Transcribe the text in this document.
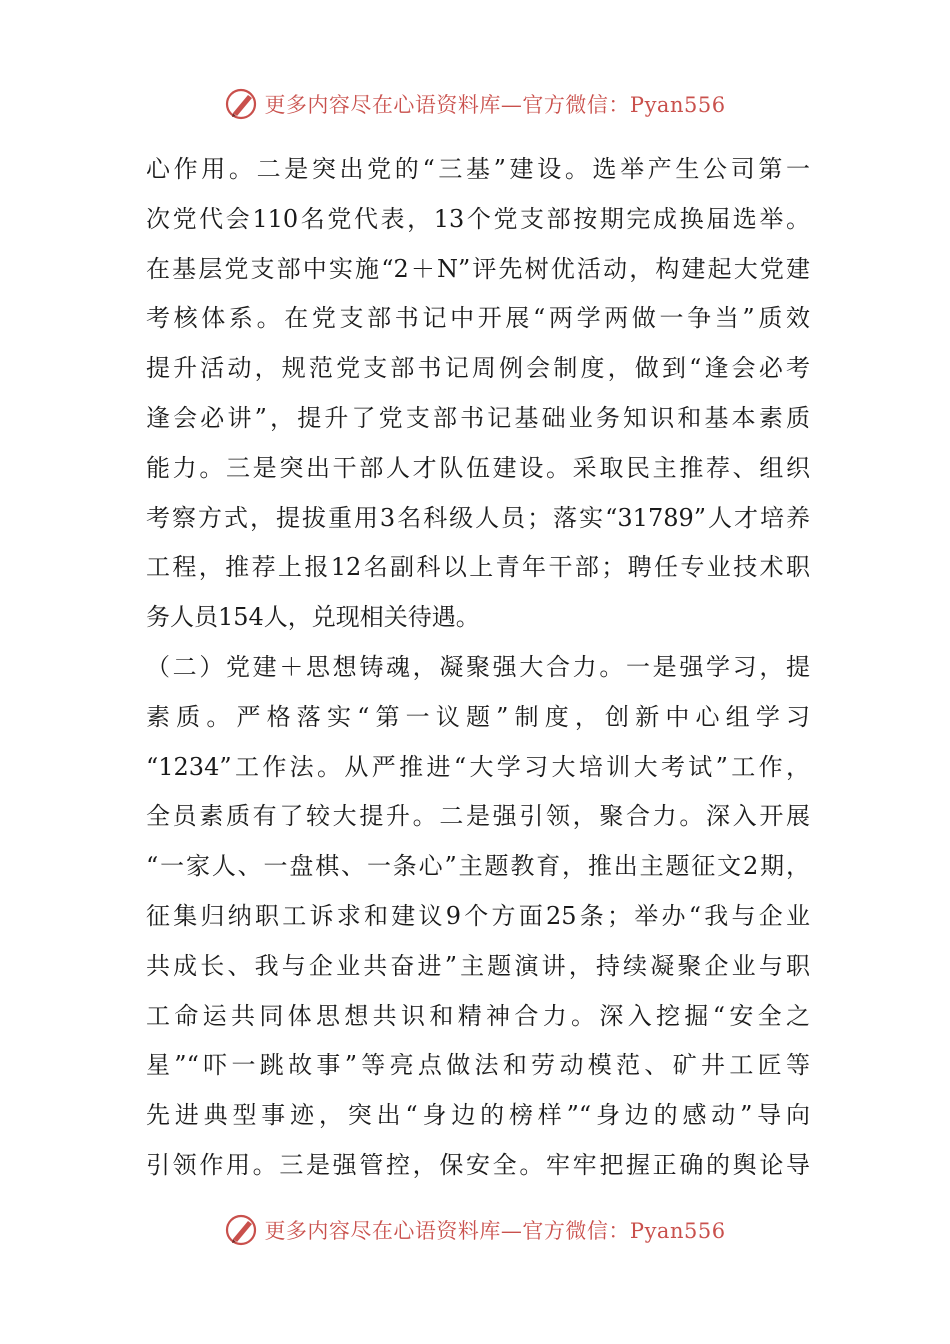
更多内容尽在心语资料库—官方微信：Pyan556
心作用。二是突出党的“三基”建设。选举产生公司第一
次党代会110名党代表，13个党支部按期完成换届选举。
在基层党支部中实施“2＋N”评先树优活动，构建起大党建
考核体系。在党支部书记中开展“两学两做一争当”质效
提升活动，规范党支部书记周例会制度，做到“逢会必考
逢会必讲”，提升了党支部书记基础业务知识和基本素质
能力。三是突出干部人才队伍建设。采取民主推荐、组织
考察方式，提拔重用3名科级人员；落实“31789”人才培养
工程，推荐上报12名副科以上青年干部；聘任专业技术职
务人员154人，兑现相关待遇。
（二）党建＋思想铸魂，凝聚强大合力。一是强学习，提
素质。严格落实“第一议题”制度，创新中心组学习
“1234”工作法。从严推进“大学习大培训大考试”工作，
全员素质有了较大提升。二是强引领，聚合力。深入开展
“一家人、一盘棋、一条心”主题教育，推出主题征文2期，
征集归纳职工诉求和建议9个方面25条；举办“我与企业
共成长、我与企业共奋进”主题演讲，持续凝聚企业与职
工命运共同体思想共识和精神合力。深入挖掘“安全之
星”“吓一跳故事”等亮点做法和劳动模范、矿井工匠等
先进典型事迹，突出“身边的榜样”“身边的感动”导向
引领作用。三是强管控，保安全。牢牢把握正确的舆论导
更多内容尽在心语资料库—官方微信：Pyan556
